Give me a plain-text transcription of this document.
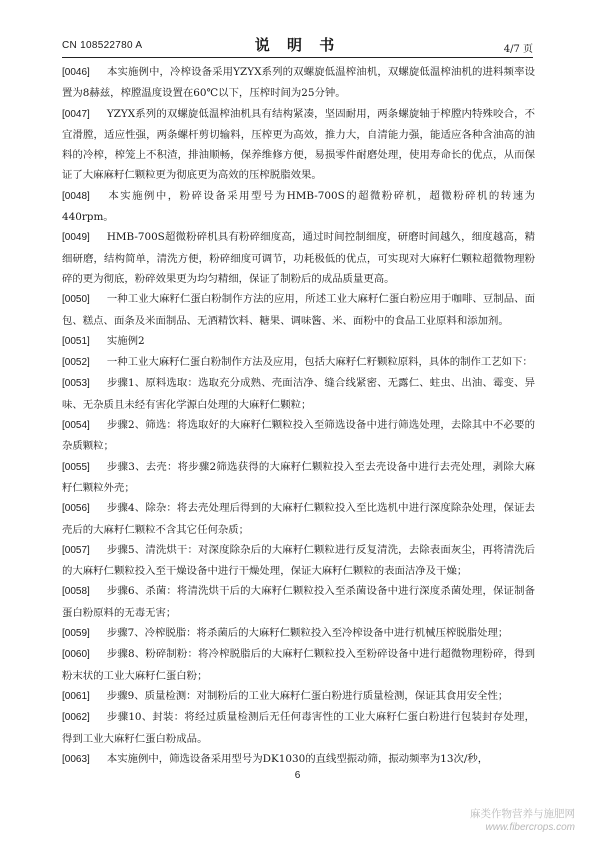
CN 108522780 A	说 明 书	4/7 页

[0046] 本实施例中，冷榨设备采用YZYX系列的双螺旋低温榨油机，双螺旋低温榨油机的进料频率设置为8赫兹，榨膛温度设置在60℃以下，压榨时间为25分钟。

[0047] YZYX系列的双螺旋低温榨油机具有结构紧凑，坚固耐用，两条螺旋轴于榨膛内特殊咬合，不宜滑膛，适应性强，两条螺杆剪切输料，压榨更为高效，推力大，自清能力强，能适应各种含油高的油料的冷榨，榨笼上不积渣，排油顺畅，保养维修方便，易损零件耐磨处理，使用寿命长的优点，从而保证了大麻麻籽仁颗粒更为彻底更为高效的压榨脱脂效果。

[0048] 本实施例中，粉碎设备采用型号为HMB-700S的超微粉碎机，超微粉碎机的转速为440rpm。

[0049] HMB-700S超微粉碎机具有粉碎细度高，通过时间控制细度，研磨时间越久，细度越高，精细研磨，结构简单，清洗方便，粉碎细度可调节，功耗极低的优点，可实现对大麻籽仁颗粒超微物理粉碎的更为彻底，粉碎效果更为均匀精细，保证了制粉后的成品质量更高。

[0050] 一种工业大麻籽仁蛋白粉制作方法的应用，所述工业大麻籽仁蛋白粉应用于咖啡、豆制品、面包、糕点、面条及米面制品、无酒精饮料、糖果、调味酱、米、面粉中的食品工业原料和添加剂。

[0051] 实施例2

[0052] 一种工业大麻籽仁蛋白粉制作方法及应用，包括大麻籽仁籽颗粒原料，具体的制作工艺如下：

[0053] 步骤1、原料选取：选取充分成熟、壳面洁净、缝合线紧密、无露仁、蛀虫、出油、霉变、异味、无杂质且未经有害化学源白处理的大麻籽仁颗粒；

[0054] 步骤2、筛选：将选取好的大麻籽仁颗粒投入至筛选设备中进行筛选处理，去除其中不必要的杂质颗粒；

[0055] 步骤3、去壳：将步骤2筛选获得的大麻籽仁颗粒投入至去壳设备中进行去壳处理，剥除大麻籽仁颗粒外壳；

[0056] 步骤4、除杂：将去壳处理后得到的大麻籽仁颗粒投入至比选机中进行深度除杂处理，保证去壳后的大麻籽仁颗粒不含其它任何杂质；

[0057] 步骤5、清洗烘干：对深度除杂后的大麻籽仁颗粒进行反复清洗，去除表面灰尘，再将清洗后的大麻籽仁颗粒投入至干燥设备中进行干燥处理，保证大麻籽仁颗粒的表面洁净及干燥；

[0058] 步骤6、杀菌：将清洗烘干后的大麻籽仁颗粒投入至杀菌设备中进行深度杀菌处理，保证制备蛋白粉原料的无毒无害；

[0059] 步骤7、冷榨脱脂：将杀菌后的大麻籽仁颗粒投入至冷榨设备中进行机械压榨脱脂处理；

[0060] 步骤8、粉碎制粉：将冷榨脱脂后的大麻籽仁颗粒投入至粉碎设备中进行超微物理粉碎，得到粉末状的工业大麻籽仁蛋白粉；

[0061] 步骤9、质量检测：对制粉后的工业大麻籽仁蛋白粉进行质量检测，保证其食用安全性；

[0062] 步骤10、封装：将经过质量检测后无任何毒害性的工业大麻籽仁蛋白粉进行包装封存处理，得到工业大麻籽仁蛋白粉成品。

[0063] 本实施例中，筛选设备采用型号为DK1030的直线型振动筛，振动频率为13次/秒，

6
麻类作物营养与施肥网
www.fibercrops.com
